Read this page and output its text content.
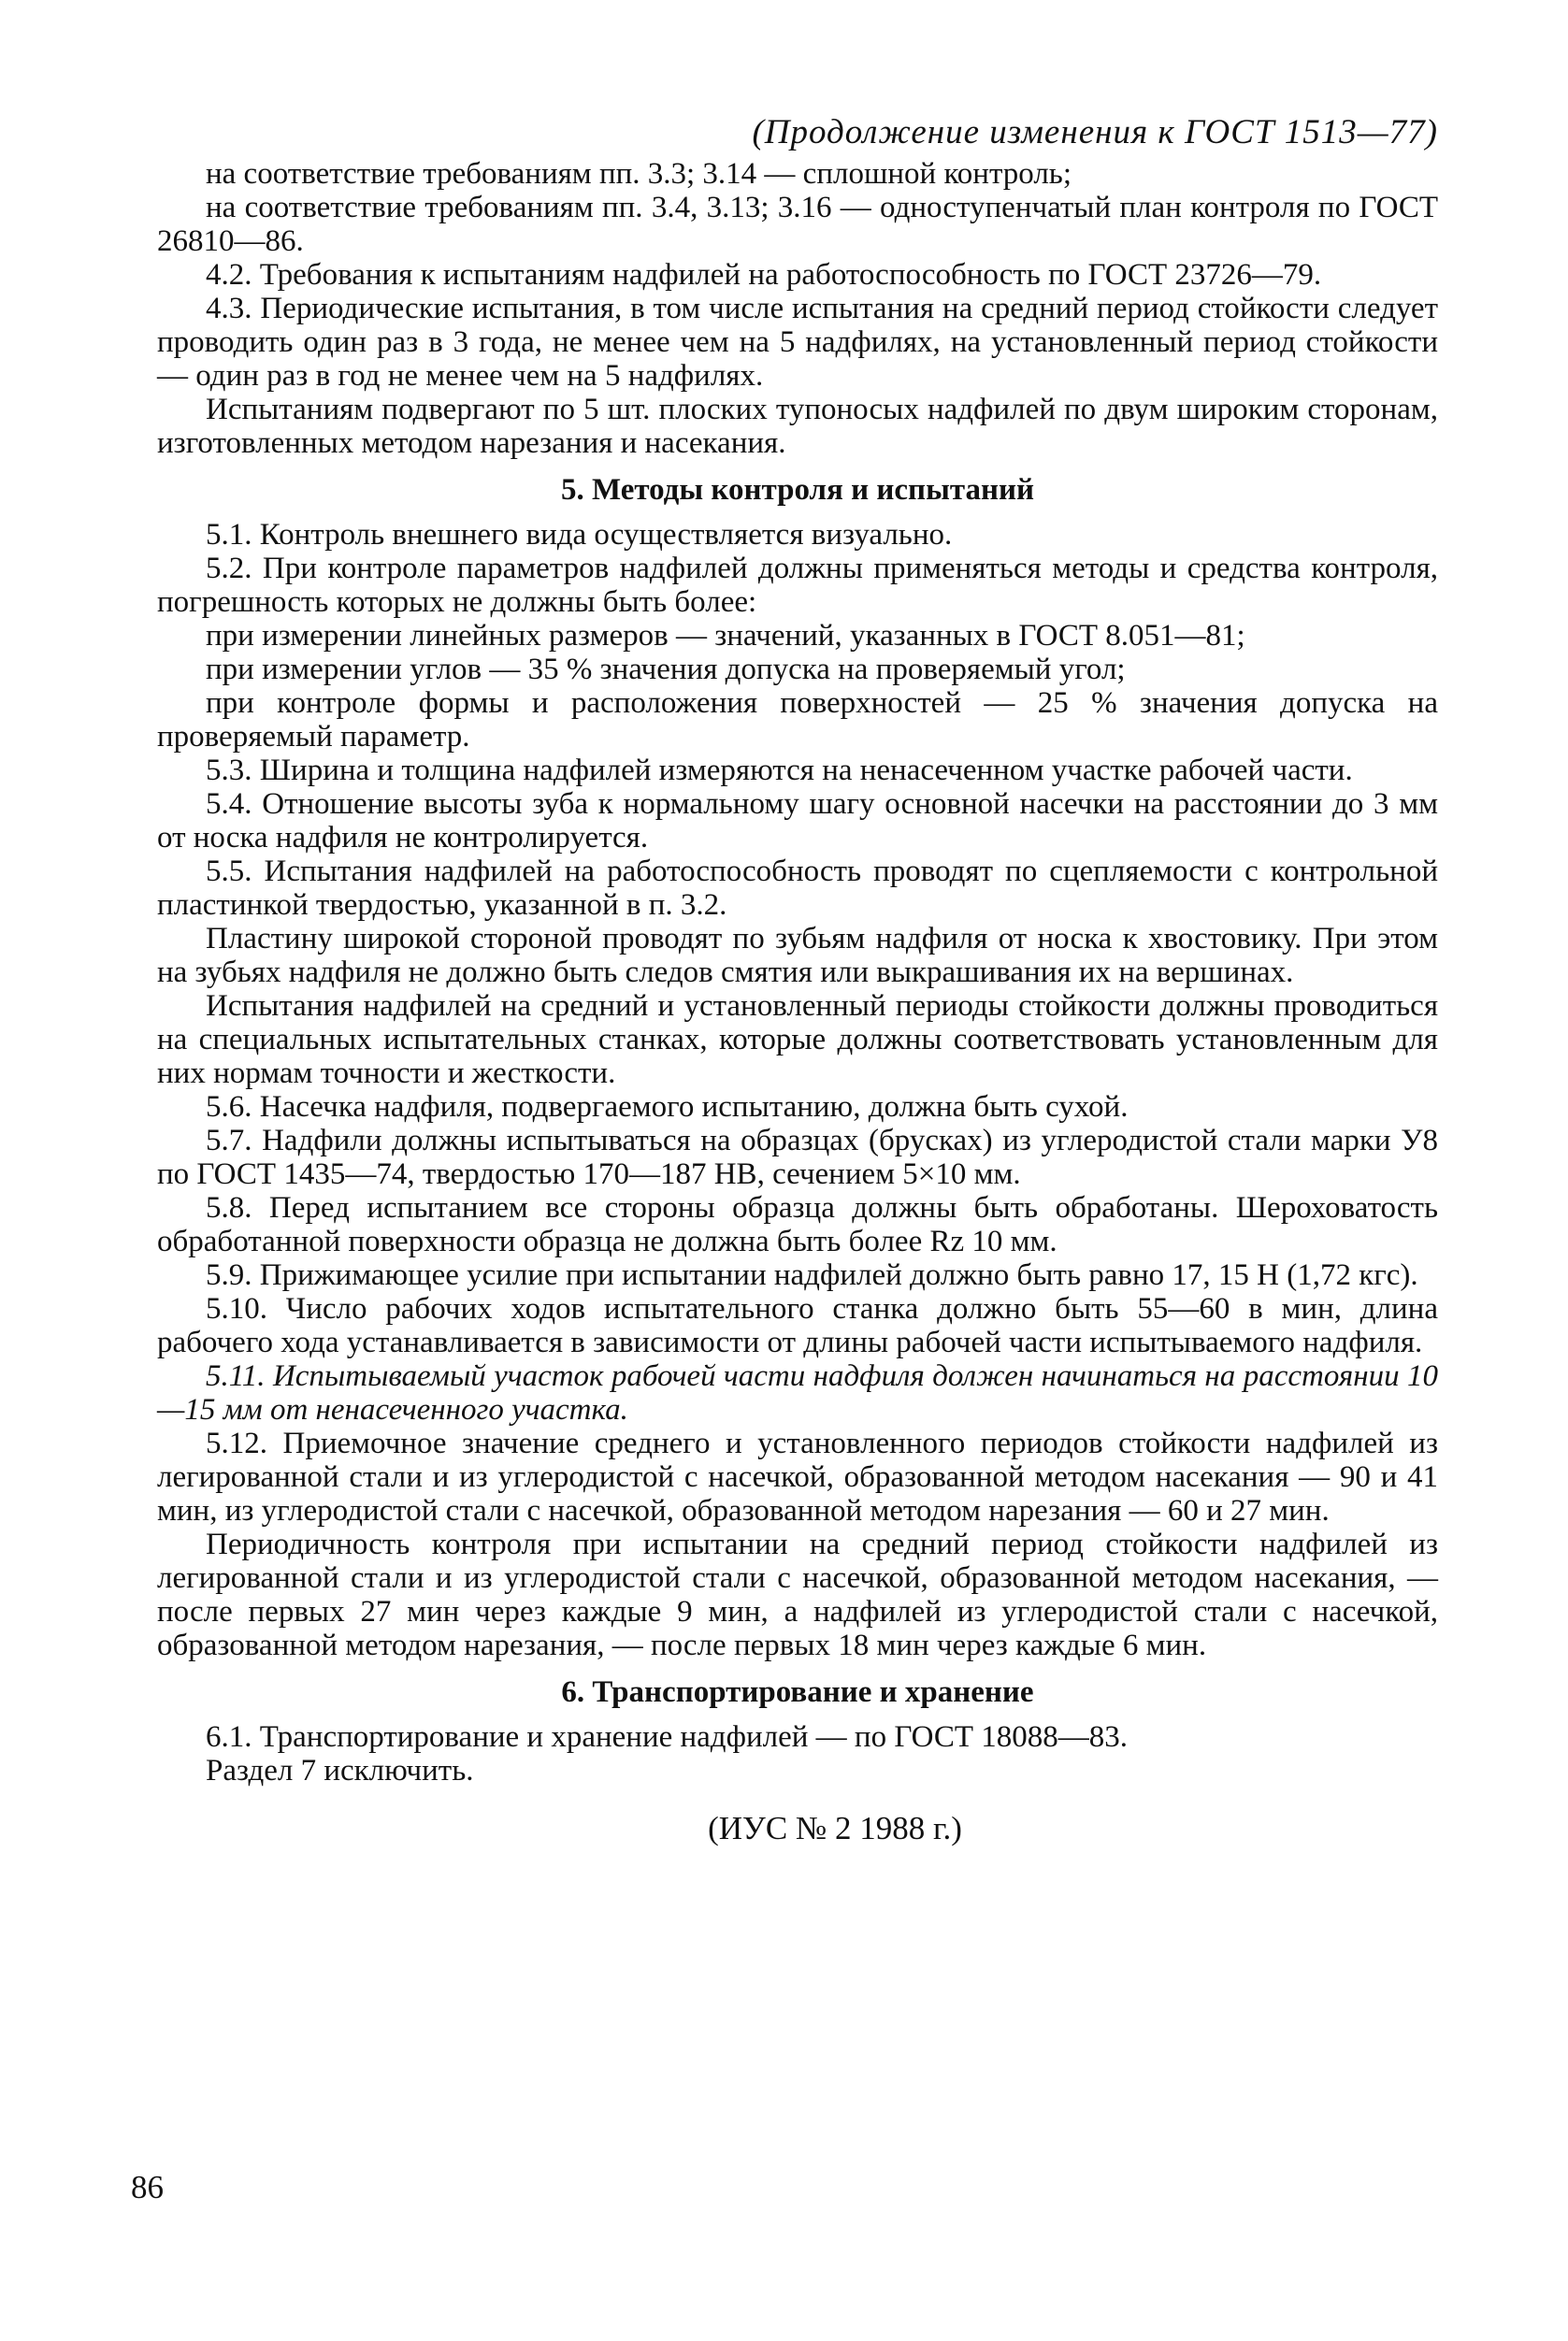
(Продолжение изменения к ГОСТ 1513—77)

на соответствие требованиям пп. 3.3; 3.14 — сплошной контроль;

на соответствие требованиям пп. 3.4, 3.13; 3.16 — одноступенчатый план контроля по ГОСТ 26810—86.

4.2. Требования к испытаниям надфилей на работоспособность по ГОСТ 23726—79.

4.3. Периодические испытания, в том числе испытания на средний период стойкости следует проводить один раз в 3 года, не менее чем на 5 надфилях, на установленный период стойкости — один раз в год не менее чем на 5 надфилях.

Испытаниям подвергают по 5 шт. плоских тупоносых надфилей по двум широким сторонам, изготовленных методом нарезания и насекания.

5. Методы контроля и испытаний

5.1. Контроль внешнего вида осуществляется визуально.

5.2. При контроле параметров надфилей должны применяться методы и средства контроля, погрешность которых не должны быть более:

при измерении линейных размеров — значений, указанных в ГОСТ 8.051—81;

при измерении углов — 35 % значения допуска на проверяемый угол;

при контроле формы и расположения поверхностей — 25 % значения допуска на проверяемый параметр.

5.3. Ширина и толщина надфилей измеряются на ненасеченном участке рабочей части.

5.4. Отношение высоты зуба к нормальному шагу основной насечки на расстоянии до 3 мм от носка надфиля не контролируется.

5.5. Испытания надфилей на работоспособность проводят по сцепляемости с контрольной пластинкой твердостью, указанной в п. 3.2.

Пластину широкой стороной проводят по зубьям надфиля от носка к хвостовику. При этом на зубьях надфиля не должно быть следов смятия или выкрашивания их на вершинах.

Испытания надфилей на средний и установленный периоды стойкости должны проводиться на специальных испытательных станках, которые должны соответствовать установленным для них нормам точности и жесткости.

5.6. Насечка надфиля, подвергаемого испытанию, должна быть сухой.

5.7. Надфили должны испытываться на образцах (брусках) из углеродистой стали марки У8 по ГОСТ 1435—74, твердостью 170—187 НВ, сечением 5×10 мм.

5.8. Перед испытанием все стороны образца должны быть обработаны. Шероховатость обработанной поверхности образца не должна быть более Rz 10 мм.

5.9. Прижимающее усилие при испытании надфилей должно быть равно 17, 15 Н (1,72 кгс).

5.10. Число рабочих ходов испытательного станка должно быть 55—60 в мин, длина рабочего хода устанавливается в зависимости от длины рабочей части испытываемого надфиля.

5.11. Испытываемый участок рабочей части надфиля должен начинаться на расстоянии 10—15 мм от ненасеченного участка.

5.12. Приемочное значение среднего и установленного периодов стойкости надфилей из легированной стали и из углеродистой с насечкой, образованной методом насекания — 90 и 41 мин, из углеродистой стали с насечкой, образованной методом нарезания — 60 и 27 мин.

Периодичность контроля при испытании на средний период стойкости надфилей из легированной стали и из углеродистой стали с насечкой, образованной методом насекания, — после первых 27 мин через каждые 9 мин, а надфилей из углеродистой стали с насечкой, образованной методом нарезания, — после первых 18 мин через каждые 6 мин.

6. Транспортирование и хранение

6.1. Транспортирование и хранение надфилей — по ГОСТ 18088—83.

Раздел 7 исключить.

(ИУС № 2 1988 г.)
86
